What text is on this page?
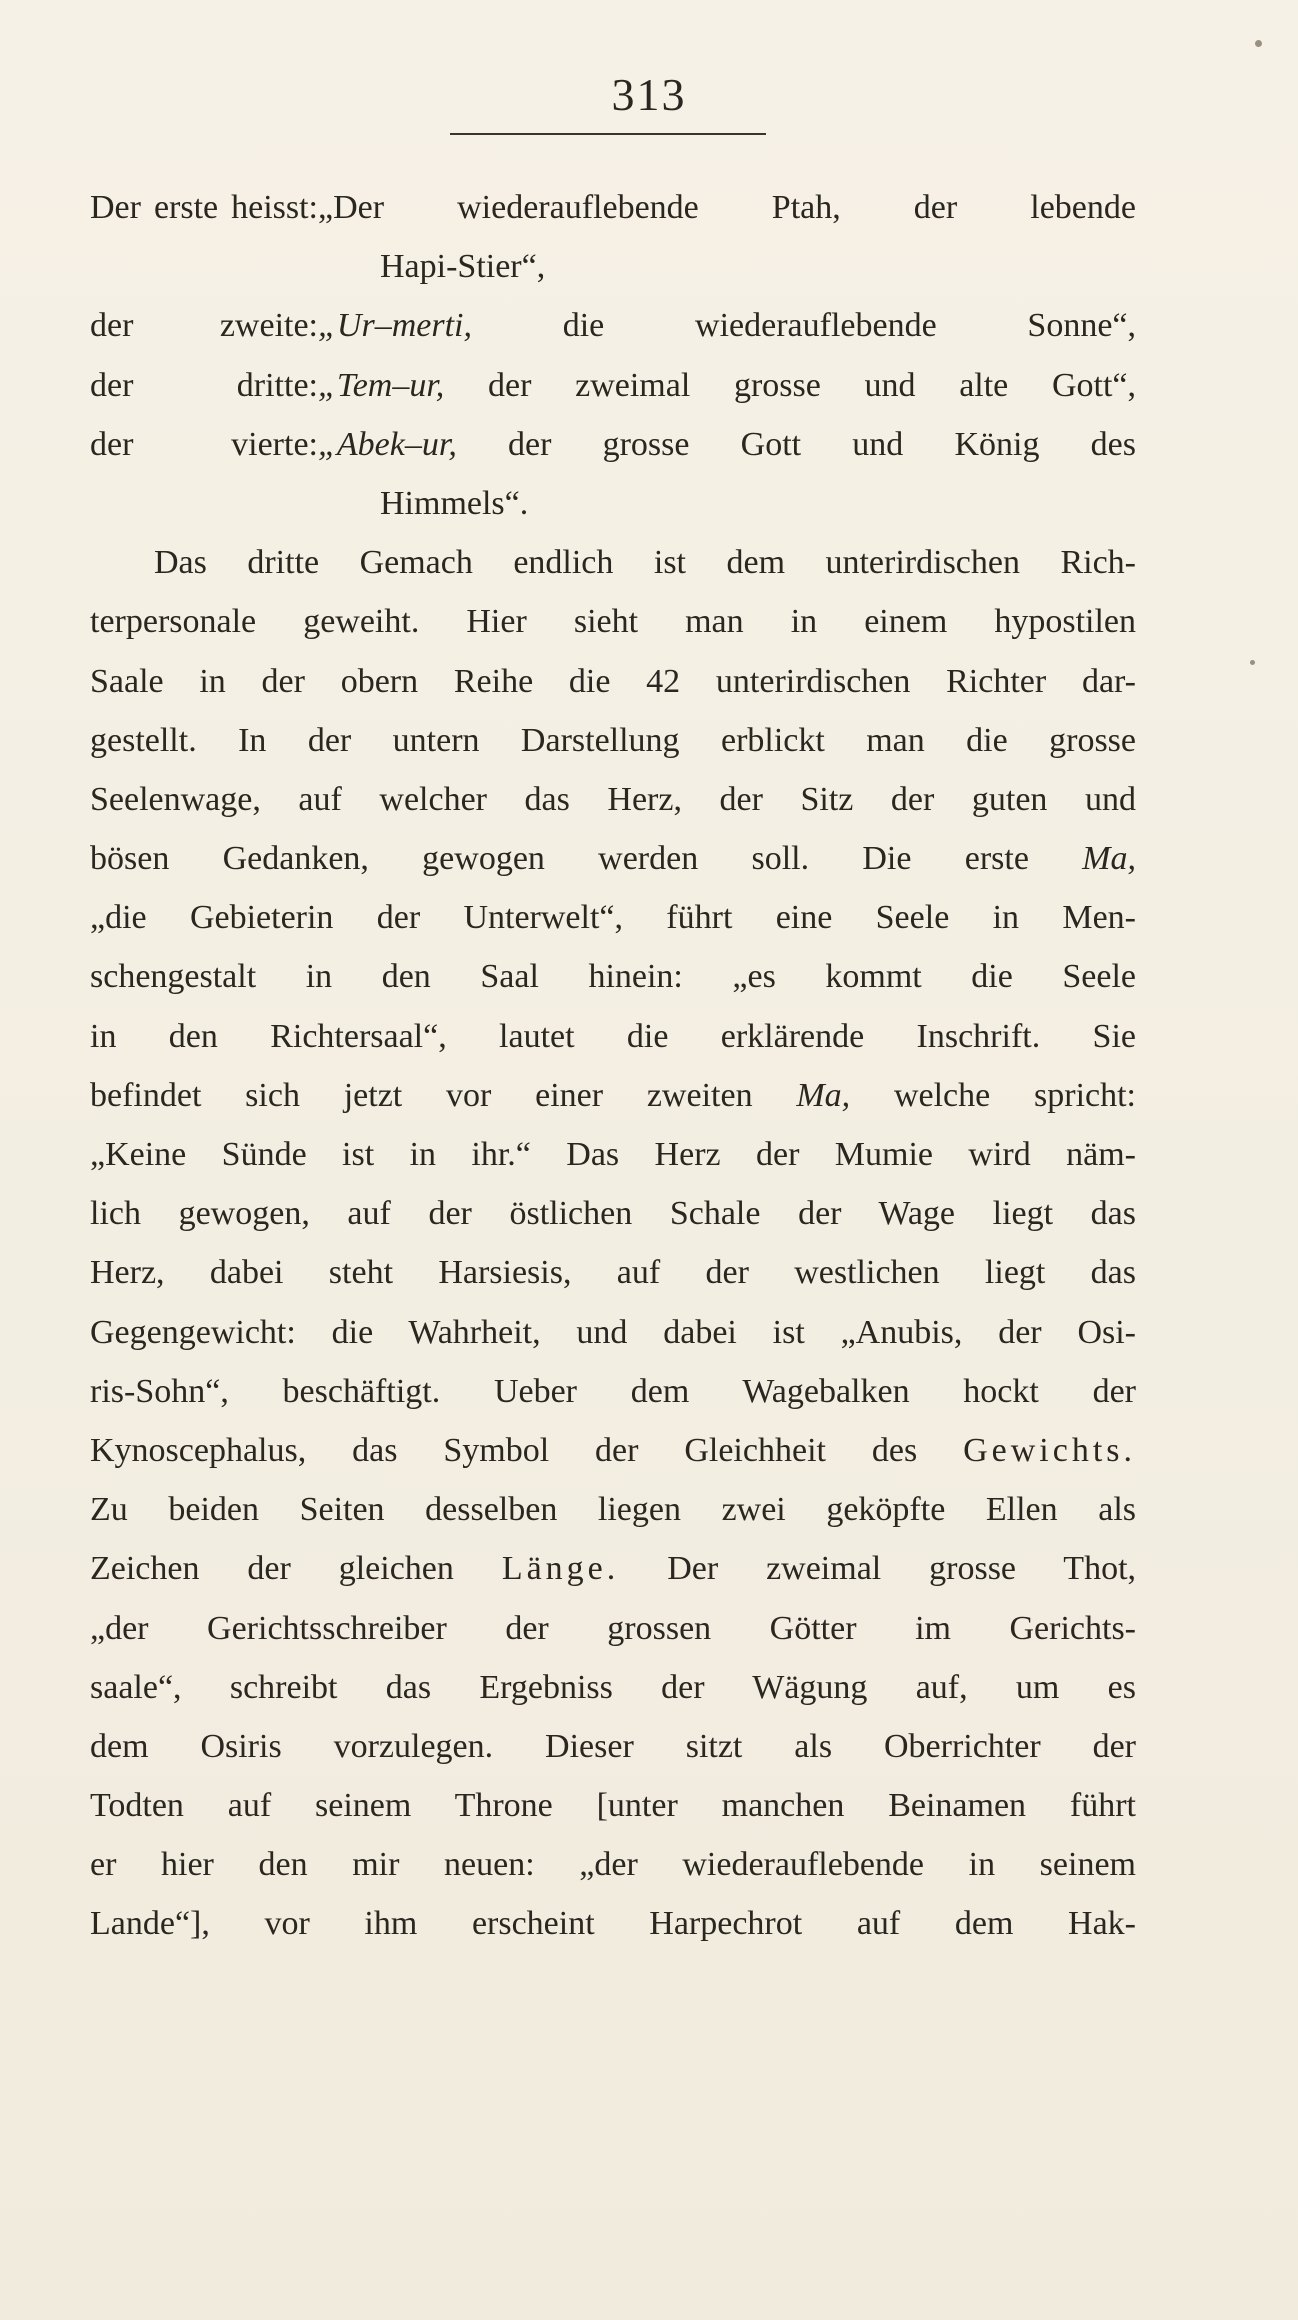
313
Der erste heisst:„Der wiederauflebende Ptah, der lebende
Hapi-Stier“,
der zweite:„Ur–merti,	die wiederauflebende Sonne“,
der dritte:„Tem–ur, der zweimal grosse und alte Gott“,
der vierte:„Abek–ur, der grosse Gott und König des
Himmels“.
Das dritte Gemach endlich ist dem unterirdischen Rich-
terpersonale geweiht. Hier sieht man in einem hypostilen
Saale in der obern Reihe die 42 unterirdischen Richter dar-
gestellt. In der untern Darstellung erblickt man die grosse
Seelenwage, auf welcher das Herz, der Sitz der guten und
bösen Gedanken, gewogen werden soll. Die erste Ma,
„die Gebieterin der Unterwelt“, führt eine Seele in Men-
schengestalt in den Saal hinein: „es kommt die Seele
in den Richtersaal“, lautet die erklärende Inschrift. Sie
befindet sich jetzt vor einer zweiten Ma, welche spricht:
„Keine Sünde ist in ihr.“ Das Herz der Mumie wird näm-
lich gewogen, auf der östlichen Schale der Wage liegt das
Herz, dabei steht Harsiesis, auf der westlichen liegt das
Gegengewicht: die Wahrheit, und dabei ist „Anubis, der Osi-
ris-Sohn“, beschäftigt. Ueber dem Wagebalken hockt der
Kynoscephalus, das Symbol der Gleichheit des Gewichts.
Zu beiden Seiten desselben liegen zwei geköpfte Ellen als
Zeichen der gleichen Länge. Der zweimal grosse Thot,
„der Gerichtsschreiber der grossen Götter im Gerichts-
saale“, schreibt das Ergebniss der Wägung auf, um es
dem Osiris vorzulegen. Dieser sitzt als Oberrichter der
Todten auf seinem Throne [unter manchen Beinamen führt
er hier den mir neuen: „der wiederauflebende in seinem
Lande“], vor ihm erscheint Harpechrot auf dem Hak-
